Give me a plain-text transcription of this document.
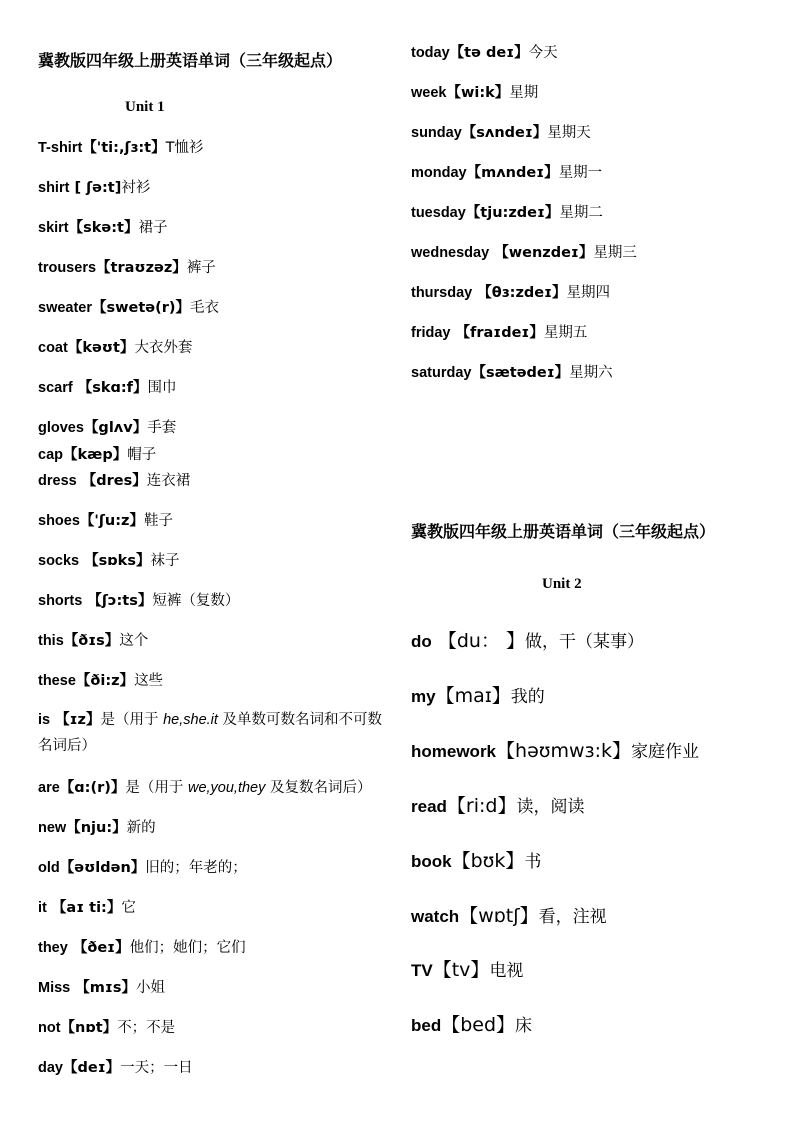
冀教版四年级上册英语单词（三年级起点）
Unit 1
T-shirt【'ti:,ʃɜ:t】T恤衫
shirt [ ʃə:t]衬衫
skirt【skə:t】裙子
trousers【traʊzəz】裤子
sweater【swetə(r)】毛衣
coat【kəʊt】大衣外套
scarf 【skɑ:f】围巾
gloves【glʌv】手套
cap【kæp】帽子
dress 【dres】连衣裙
shoes【'ʃu:z】鞋子
socks 【sɒks】袜子
shorts 【ʃɔ:ts】短裤（复数）
this【ðɪs】这个
these【ði:z】这些
is 【ɪz】是（用于 he,she.it 及单数可数名词和不可数名词后）
are【ɑ:(r)】是（用于 we,you,they 及复数名词后）
new【nju:】新的
old【əʊldən】旧的；年老的；
it 【aɪ ti:】它
they 【ðeɪ】他们；她们；它们
Miss 【mɪs】小姐
not【nɒt】不；不是
day【deɪ】一天；一日
today【tə deɪ】今天
week【wi:k】星期
sunday【sʌndeɪ】星期天
monday【mʌndeɪ】星期一
tuesday【tju:zdeɪ】星期二
wednesday 【wenzdeɪ】星期三
thursday 【θɜ:zdeɪ】星期四
friday 【fraɪdeɪ】星期五
saturday【sætədeɪ】星期六
冀教版四年级上册英语单词（三年级起点）
Unit 2
do 【du： 】做，干（某事）
my【maɪ】我的
homework【həʊmwɜ:k】家庭作业
read【ri:d】读，阅读
book【bʊk】书
watch【wɒtʃ】看，注视
TV【tv】电视
bed【bed】床
